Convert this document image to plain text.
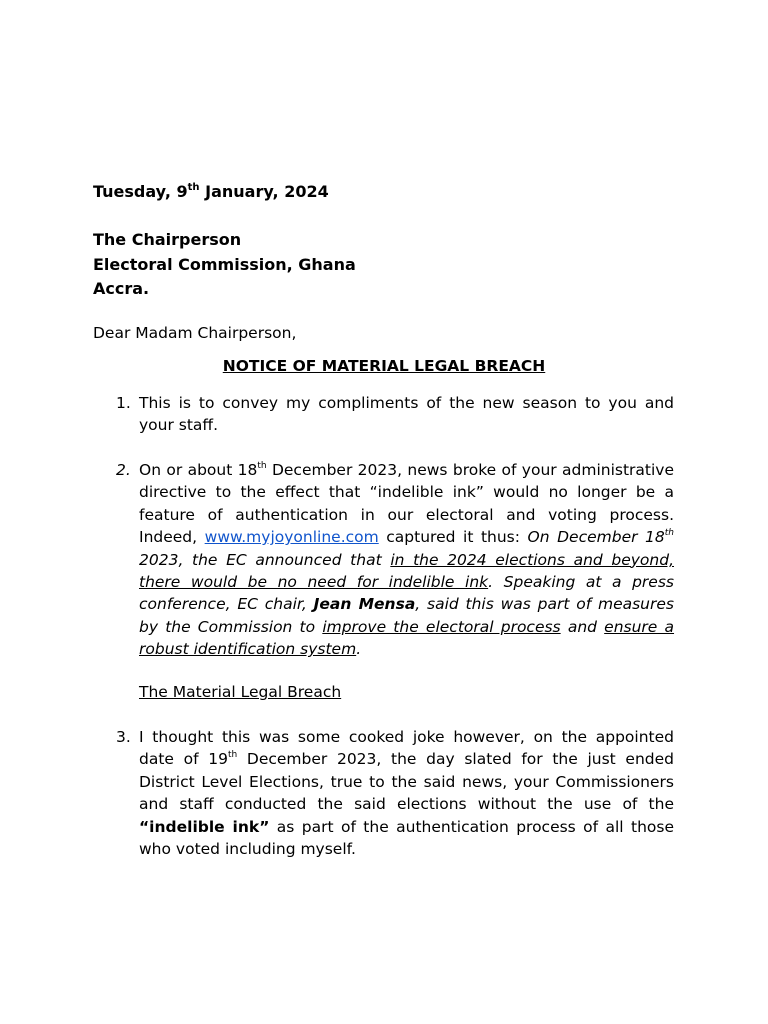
Tuesday, 9th January, 2024
The Chairperson
Electoral Commission, Ghana
Accra.
Dear Madam Chairperson,
NOTICE OF MATERIAL LEGAL BREACH
1. This is to convey my compliments of the new season to you and your staff.
2. On or about 18th December 2023, news broke of your administrative directive to the effect that “indelible ink” would no longer be a feature of authentication in our electoral and voting process. Indeed, www.myjoyonline.com captured it thus: On December 18th 2023, the EC announced that in the 2024 elections and beyond, there would be no need for indelible ink. Speaking at a press conference, EC chair, Jean Mensa, said this was part of measures by the Commission to improve the electoral process and ensure a robust identification system.
The Material Legal Breach
3. I thought this was some cooked joke however, on the appointed date of 19th December 2023, the day slated for the just ended District Level Elections, true to the said news, your Commissioners and staff conducted the said elections without the use of the “indelible ink” as part of the authentication process of all those who voted including myself.
